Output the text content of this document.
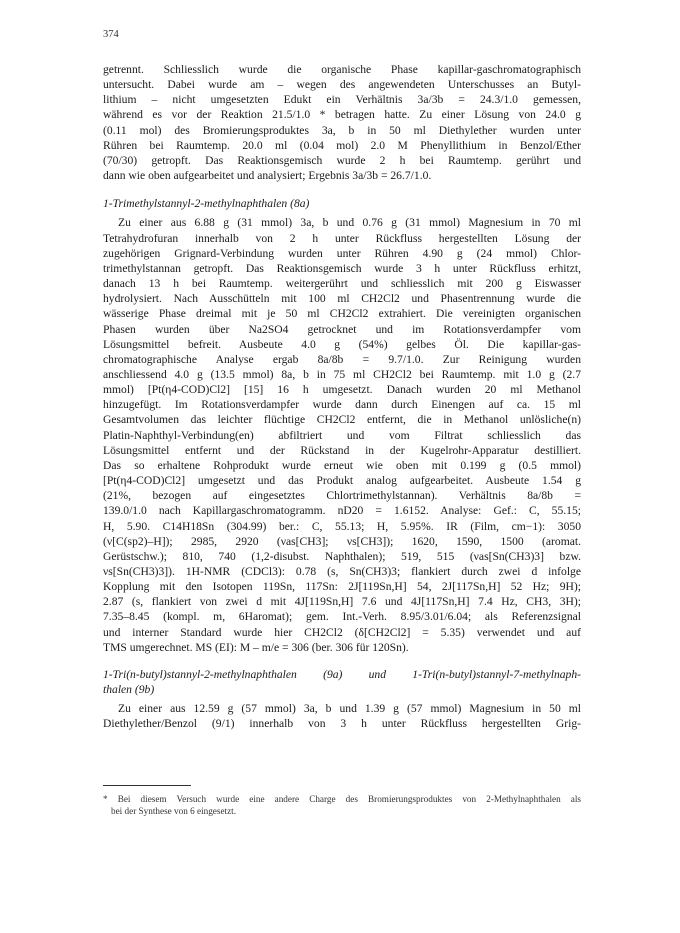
374

getrennt. Schliesslich wurde die organische Phase kapillar-gaschromatographisch
untersucht. Dabei wurde am – wegen des angewendeten Unterschusses an Butyl-
lithium – nicht umgesetzten Edukt ein Verhältnis 3a/3b = 24.3/1.0 gemessen,
während es vor der Reaktion 21.5/1.0 * betragen hatte. Zu einer Lösung von 24.0 g
(0.11 mol) des Bromierungsproduktes 3a, b in 50 ml Diethylether wurden unter
Rühren bei Raumtemp. 20.0 ml (0.04 mol) 2.0 M Phenyllithium in Benzol/Ether
(70/30) getropft. Das Reaktionsgemisch wurde 2 h bei Raumtemp. gerührt und
dann wie oben aufgearbeitet und analysiert; Ergebnis 3a/3b = 26.7/1.0.

1-Trimethylstannyl-2-methylnaphthalen (8a)

Zu einer aus 6.88 g (31 mmol) 3a, b und 0.76 g (31 mmol) Magnesium in 70 ml
Tetrahydrofuran innerhalb von 2 h unter Rückfluss hergestellten Lösung der
zugehörigen Grignard-Verbindung wurden unter Rühren 4.90 g (24 mmol) Chlor-
trimethylstannan getropft. Das Reaktionsgemisch wurde 3 h unter Rückfluss erhitzt,
danach 13 h bei Raumtemp. weitergerührt und schliesslich mit 200 g Eiswasser
hydrolysiert. Nach Ausschütteln mit 100 ml CH2Cl2 und Phasentrennung wurde die
wässerige Phase dreimal mit je 50 ml CH2Cl2 extrahiert. Die vereinigten organischen
Phasen wurden über Na2SO4 getrocknet und im Rotationsverdampfer vom
Lösungsmittel befreit. Ausbeute 4.0 g (54%) gelbes Öl. Die kapillar-gas-
chromatographische Analyse ergab 8a/8b = 9.7/1.0. Zur Reinigung wurden
anschliessend 4.0 g (13.5 mmol) 8a, b in 75 ml CH2Cl2 bei Raumtemp. mit 1.0 g (2.7
mmol) [Pt(η4-COD)Cl2] [15] 16 h umgesetzt. Danach wurden 20 ml Methanol
hinzugefügt. Im Rotationsverdampfer wurde dann durch Einengen auf ca. 15 ml
Gesamtvolumen das leichter flüchtige CH2Cl2 entfernt, die in Methanol unlösliche(n)
Platin-Naphthyl-Verbindung(en) abfiltriert und vom Filtrat schliesslich das
Lösungsmittel entfernt und der Rückstand in der Kugelrohr-Apparatur destilliert.
Das so erhaltene Rohprodukt wurde erneut wie oben mit 0.199 g (0.5 mmol)
[Pt(η4-COD)Cl2] umgesetzt und das Produkt analog aufgearbeitet. Ausbeute 1.54 g
(21%, bezogen auf eingesetztes Chlortrimethylstannan). Verhältnis 8a/8b =
139.0/1.0 nach Kapillargaschromatogramm. nD20 = 1.6152. Analyse: Gef.: C, 55.15;
H, 5.90. C14H18Sn (304.99) ber.: C, 55.13; H, 5.95%. IR (Film, cm−1): 3050
(ν[C(sp2)–H]); 2985, 2920 (νas[CH3]; νs[CH3]); 1620, 1590, 1500 (aromat.
Gerüstschw.); 810, 740 (1,2-disubst. Naphthalen); 519, 515 (νas[Sn(CH3)3] bzw.
νs[Sn(CH3)3]). 1H-NMR (CDCl3): 0.78 (s, Sn(CH3)3; flankiert durch zwei d infolge
Kopplung mit den Isotopen 119Sn, 117Sn: 2J[119Sn,H] 54, 2J[117Sn,H] 52 Hz; 9H);
2.87 (s, flankiert von zwei d mit 4J[119Sn,H] 7.6 und 4J[117Sn,H] 7.4 Hz, CH3, 3H);
7.35–8.45 (kompl. m, 6Haromat); gem. Int.-Verh. 8.95/3.01/6.04; als Referenzsignal
und interner Standard wurde hier CH2Cl2 (δ[CH2Cl2] = 5.35) verwendet und auf
TMS umgerechnet. MS (EI): M – m/e = 306 (ber. 306 für 120Sn).

1-Tri(n-butyl)stannyl-2-methylnaphthalen (9a) und 1-Tri(n-butyl)stannyl-7-methylnaph-
thalen (9b)

Zu einer aus 12.59 g (57 mmol) 3a, b und 1.39 g (57 mmol) Magnesium in 50 ml
Diethylether/Benzol (9/1) innerhalb von 3 h unter Rückfluss hergestellten Grig-

* Bei diesem Versuch wurde eine andere Charge des Bromierungsproduktes von 2-Methylnaphthalen als
bei der Synthese von 6 eingesetzt.
